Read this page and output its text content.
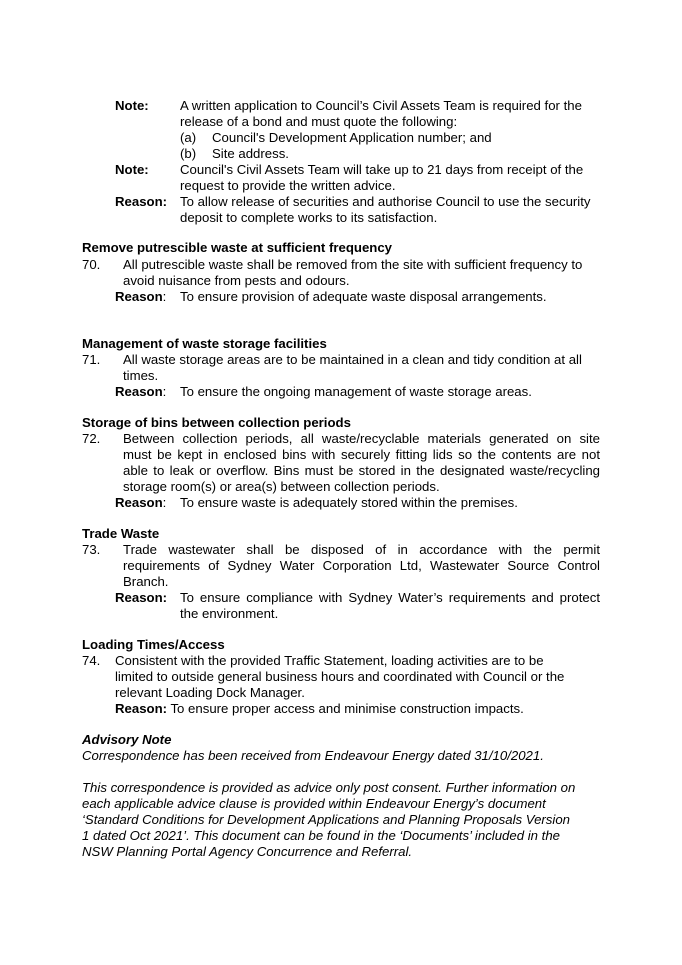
Note: A written application to Council’s Civil Assets Team is required for the
release of a bond and must quote the following:
(a) Council's Development Application number; and
(b) Site address.
Note: Council's Civil Assets Team will take up to 21 days from receipt of the
request to provide the written advice.
Reason: To allow release of securities and authorise Council to use the security
deposit to complete works to its satisfaction.
Remove putrescible waste at sufficient frequency
70. All putrescible waste shall be removed from the site with sufficient frequency to
avoid nuisance from pests and odours.
Reason: To ensure provision of adequate waste disposal arrangements.
Management of waste storage facilities
71. All waste storage areas are to be maintained in a clean and tidy condition at all
times.
Reason: To ensure the ongoing management of waste storage areas.
Storage of bins between collection periods
72. Between collection periods, all waste/recyclable materials generated on site
must be kept in enclosed bins with securely fitting lids so the contents are not
able to leak or overflow. Bins must be stored in the designated waste/recycling
storage room(s) or area(s) between collection periods.
Reason: To ensure waste is adequately stored within the premises.
Trade Waste
73. Trade wastewater shall be disposed of in accordance with the permit
requirements of Sydney Water Corporation Ltd, Wastewater Source Control
Branch.
Reason: To ensure compliance with Sydney Water’s requirements and protect
the environment.
Loading Times/Access
74. Consistent with the provided Traffic Statement, loading activities are to be
limited to outside general business hours and coordinated with Council or the
relevant Loading Dock Manager.
Reason: To ensure proper access and minimise construction impacts.
Advisory Note
Correspondence has been received from Endeavour Energy dated 31/10/2021.
This correspondence is provided as advice only post consent. Further information on
each applicable advice clause is provided within Endeavour Energy’s document
‘Standard Conditions for Development Applications and Planning Proposals Version
1 dated Oct 2021’. This document can be found in the ‘Documents’ included in the
NSW Planning Portal Agency Concurrence and Referral.
